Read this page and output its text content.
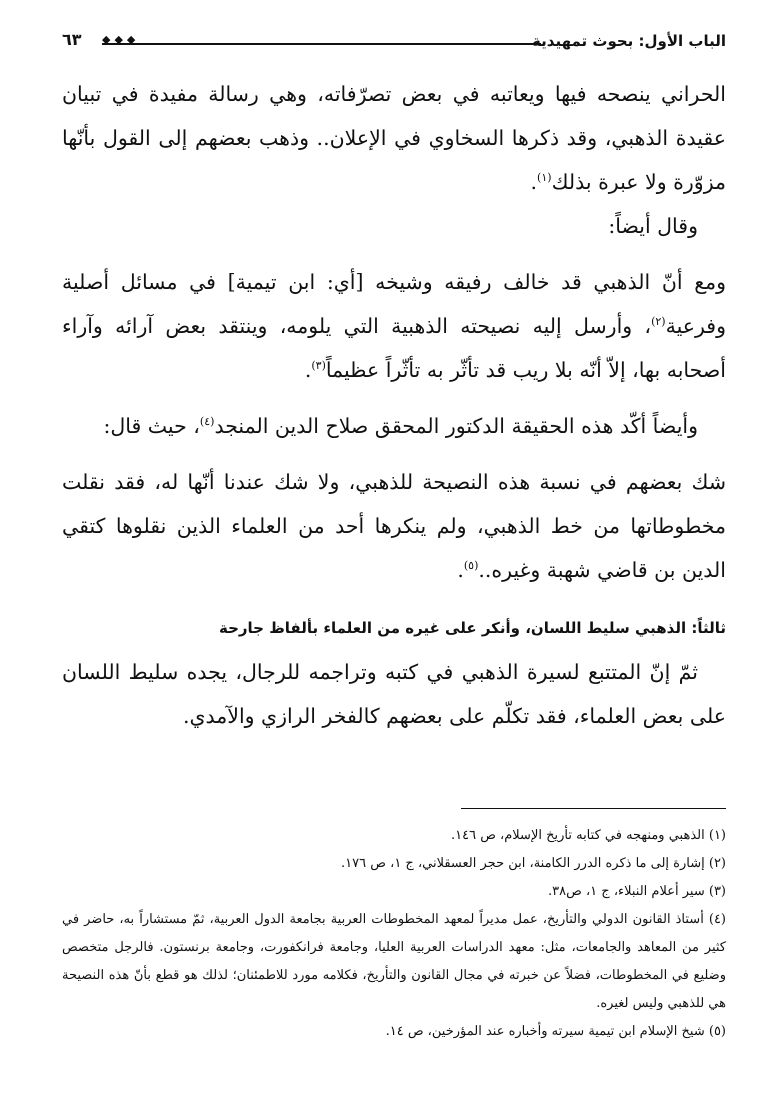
الباب الأول: بحوث تمهيدية
◆◆◆
٦٣

الحراني ينصحه فيها ويعاتبه في بعض تصرّفاته، وهي رسالة مفيدة في تبيان عقيدة الذهبي، وقد ذكرها السخاوي في الإعلان.. وذهب بعضهم إلى القول بأنّها مزوّرة ولا عبرة بذلك$^{(١)}$.

وقال أيضاً:

ومع أنّ الذهبي قد خالف رفيقه وشيخه [أي: ابن تيمية] في مسائل أصلية وفرعية$^{(٢)}$، وأرسل إليه نصيحته الذهبية التي يلومه، وينتقد بعض آرائه وآراء أصحابه بها، إلاّ أنّه بلا ريب قد تأثّر به تأثّراً عظيماً$^{(٣)}$.

وأيضاً أكّد هذه الحقيقة الدكتور المحقق صلاح الدين المنجد$^{(٤)}$، حيث قال:

شك بعضهم في نسبة هذه النصيحة للذهبي، ولا شك عندنا أنّها له، فقد نقلت مخطوطاتها من خط الذهبي، ولم ينكرها أحد من العلماء الذين نقلوها كتقي الدين بن قاضي شهبة وغيره..$^{(٥)}$.

ثالثاً: الذهبي سليط اللسان، وأنكر على غيره من العلماء بألفاظ جارحة

ثمّ إنّ المتتبع لسيرة الذهبي في كتبه وتراجمه للرجال، يجده سليط اللسان على بعض العلماء، فقد تكلّم على بعضهم كالفخر الرازي والآمدي.

(١) الذهبي ومنهجه في كتابه تأريخ الإسلام، ص ١٤٦.

(٢) إشارة إلى ما ذكره الدرر الكامنة، ابن حجر العسقلاني، ج ١، ص ١٧٦.

(٣) سير أعلام النبلاء، ج ١، ص٣٨.

(٤) أستاذ القانون الدولي والتأريخ، عمل مديراً لمعهد المخطوطات العربية بجامعة الدول العربية، ثمّ مستشاراً به، حاضر في كثير من المعاهد والجامعات، مثل: معهد الدراسات العربية العليا، وجامعة فرانكفورت، وجامعة برنستون. فالرجل متخصص وضليع في المخطوطات، فضلاً عن خبرته في مجال القانون والتأريخ، فكلامه مورد للاطمئنان؛ لذلك هو قطع بأنّ هذه النصيحة هي للذهبي وليس لغيره.

(٥) شيخ الإسلام ابن تيمية سيرته وأخباره عند المؤرخين، ص ١٤.
